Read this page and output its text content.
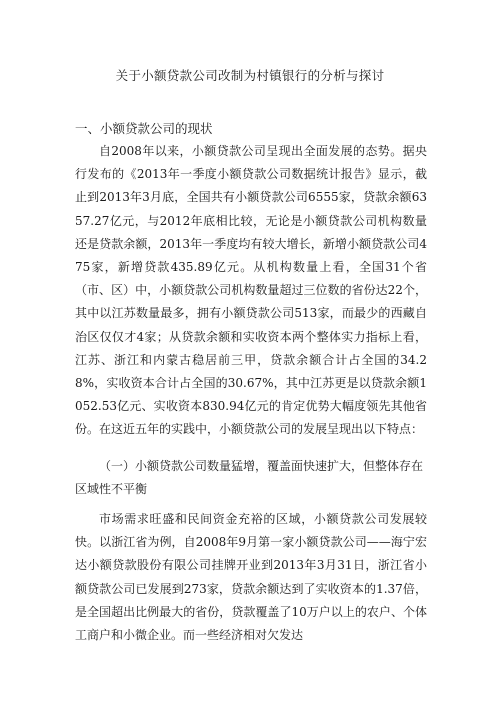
关于小额贷款公司改制为村镇银行的分析与探讨
一、小额贷款公司的现状

自2008年以来，小额贷款公司呈现出全面发展的态势。据央行发布的《2013年一季度小额贷款公司数据统计报告》显示，截止到2013年3月底，全国共有小额贷款公司6555家，贷款余额6357.27亿元，与2012年底相比较，无论是小额贷款公司机构数量还是贷款余额，2013年一季度均有较大增长，新增小额贷款公司475家，新增贷款435.89亿元。从机构数量上看，全国31个省（市、区）中，小额贷款公司机构数量超过三位数的省份达22个，其中以江苏数量最多，拥有小额贷款公司513家，而最少的西藏自治区仅仅才4家；从贷款余额和实收资本两个整体实力指标上看，江苏、浙江和内蒙古稳居前三甲，贷款余额合计占全国的34.28%，实收资本合计占全国的30.67%，其中江苏更是以贷款余额1052.53亿元、实收资本830.94亿元的肯定优势大幅度领先其他省份。在这近五年的实践中，小额贷款公司的发展呈现出以下特点：

（一）小额贷款公司数量猛增，覆盖面快速扩大，但整体存在区域性不平衡

市场需求旺盛和民间资金充裕的区域，小额贷款公司发展较快。以浙江省为例，自2008年9月第一家小额贷款公司——海宁宏达小额贷款股份有限公司挂牌开业到2013年3月31日，浙江省小额贷款公司已发展到273家，贷款余额达到了实收资本的1.37倍，是全国超出比例最大的省份，贷款覆盖了10万户以上的农户、个体工商户和小微企业。而一些经济相对欠发达
